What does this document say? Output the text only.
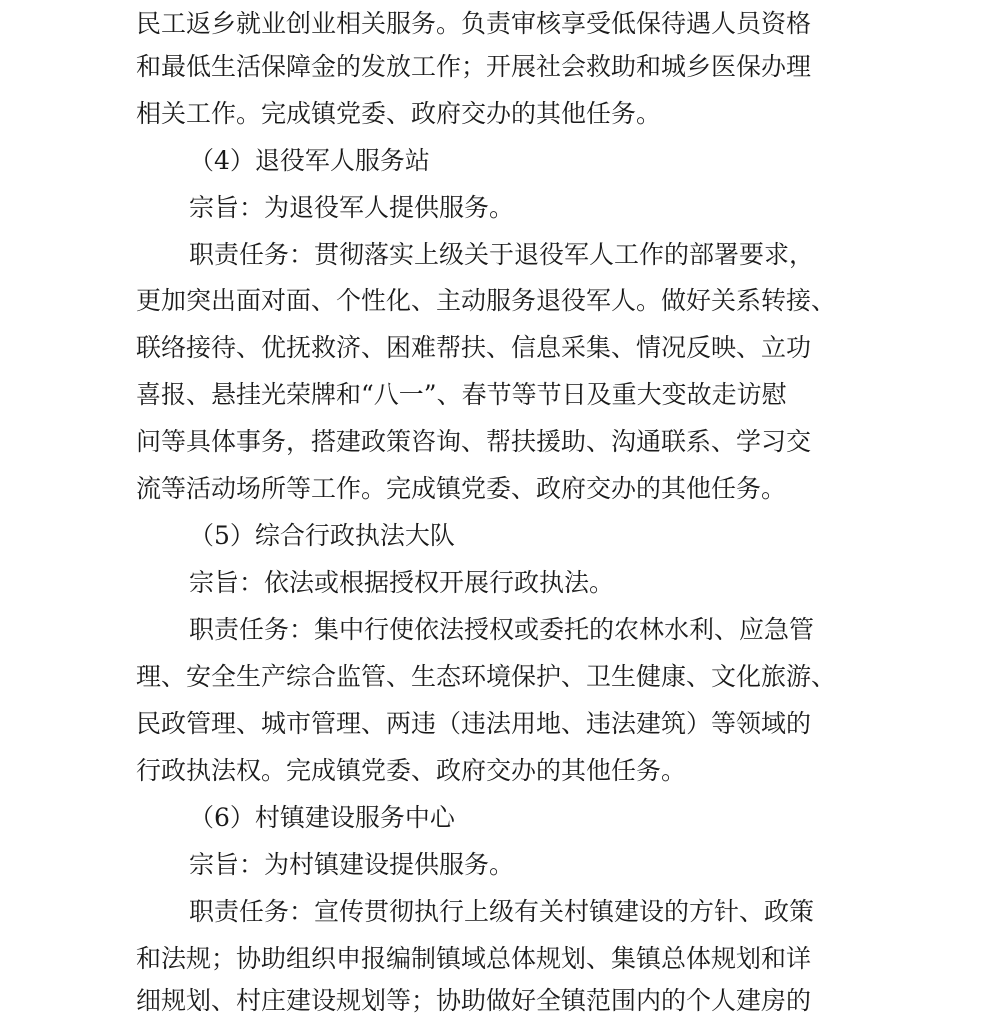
民工返乡就业创业相关服务。负责审核享受低保待遇人员资格
和最低生活保障金的发放工作；开展社会救助和城乡医保办理
相关工作。完成镇党委、政府交办的其他任务。
（4）退役军人服务站
宗旨：为退役军人提供服务。
职责任务：贯彻落实上级关于退役军人工作的部署要求，
更加突出面对面、个性化、主动服务退役军人。做好关系转接、
联络接待、优抚救济、困难帮扶、信息采集、情况反映、立功
喜报、悬挂光荣牌和“八一”、春节等节日及重大变故走访慰
问等具体事务，搭建政策咨询、帮扶援助、沟通联系、学习交
流等活动场所等工作。完成镇党委、政府交办的其他任务。
（5）综合行政执法大队
宗旨：依法或根据授权开展行政执法。
职责任务：集中行使依法授权或委托的农林水利、应急管
理、安全生产综合监管、生态环境保护、卫生健康、文化旅游、
民政管理、城市管理、两违（违法用地、违法建筑）等领域的
行政执法权。完成镇党委、政府交办的其他任务。
（6）村镇建设服务中心
宗旨：为村镇建设提供服务。
职责任务：宣传贯彻执行上级有关村镇建设的方针、政策
和法规；协助组织申报编制镇域总体规划、集镇总体规划和详
细规划、村庄建设规划等；协助做好全镇范围内的个人建房的
